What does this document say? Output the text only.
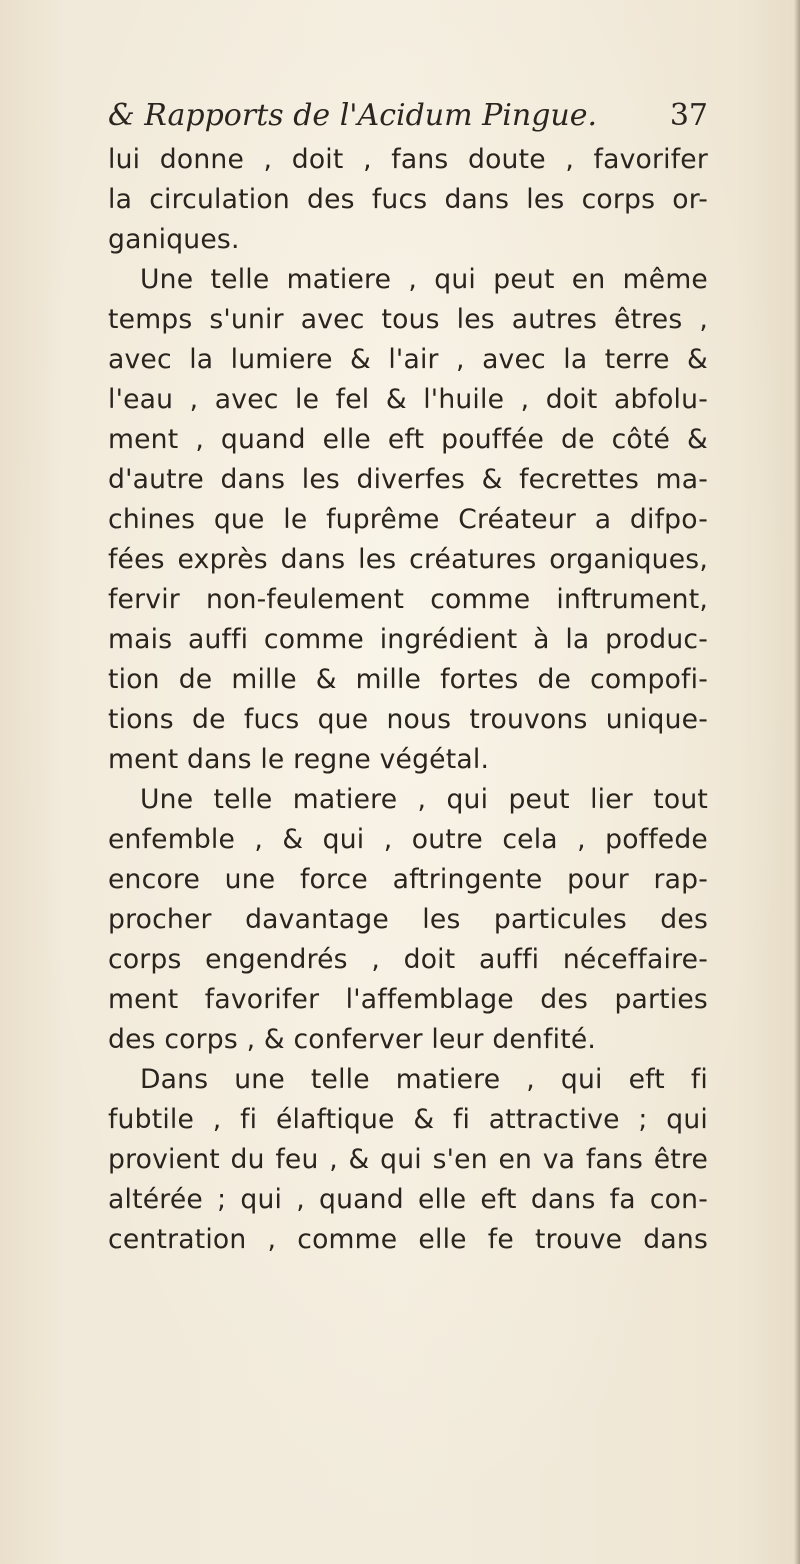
& Rapports de l'Acidum Pingue. 37
lui donne , doit , fans doute , favorifer
la circulation des fucs dans les corps or-
ganiques.
Une telle matiere , qui peut en même
temps s'unir avec tous les autres êtres ,
avec la lumiere & l'air , avec la terre &
l'eau , avec le fel & l'huile , doit abfolu-
ment , quand elle eft pouffée de côté &
d'autre dans les diverfes & fecrettes ma-
chines que le fuprême Créateur a difpo-
fées exprès dans les créatures organiques,
fervir non-feulement comme inftrument,
mais auffi comme ingrédient à la produc-
tion de mille & mille fortes de compofi-
tions de fucs que nous trouvons unique-
ment dans le regne végétal.
Une telle matiere , qui peut lier tout
enfemble , & qui , outre cela , poffede
encore une force aftringente pour rap-
procher davantage les particules des
corps engendrés , doit auffi néceffaire-
ment favorifer l'affemblage des parties
des corps , & conferver leur denfité.
Dans une telle matiere , qui eft fi
fubtile , fi élaftique & fi attractive ; qui
provient du feu , & qui s'en en va fans être
altérée ; qui , quand elle eft dans fa con-
centration , comme elle fe trouve dans
